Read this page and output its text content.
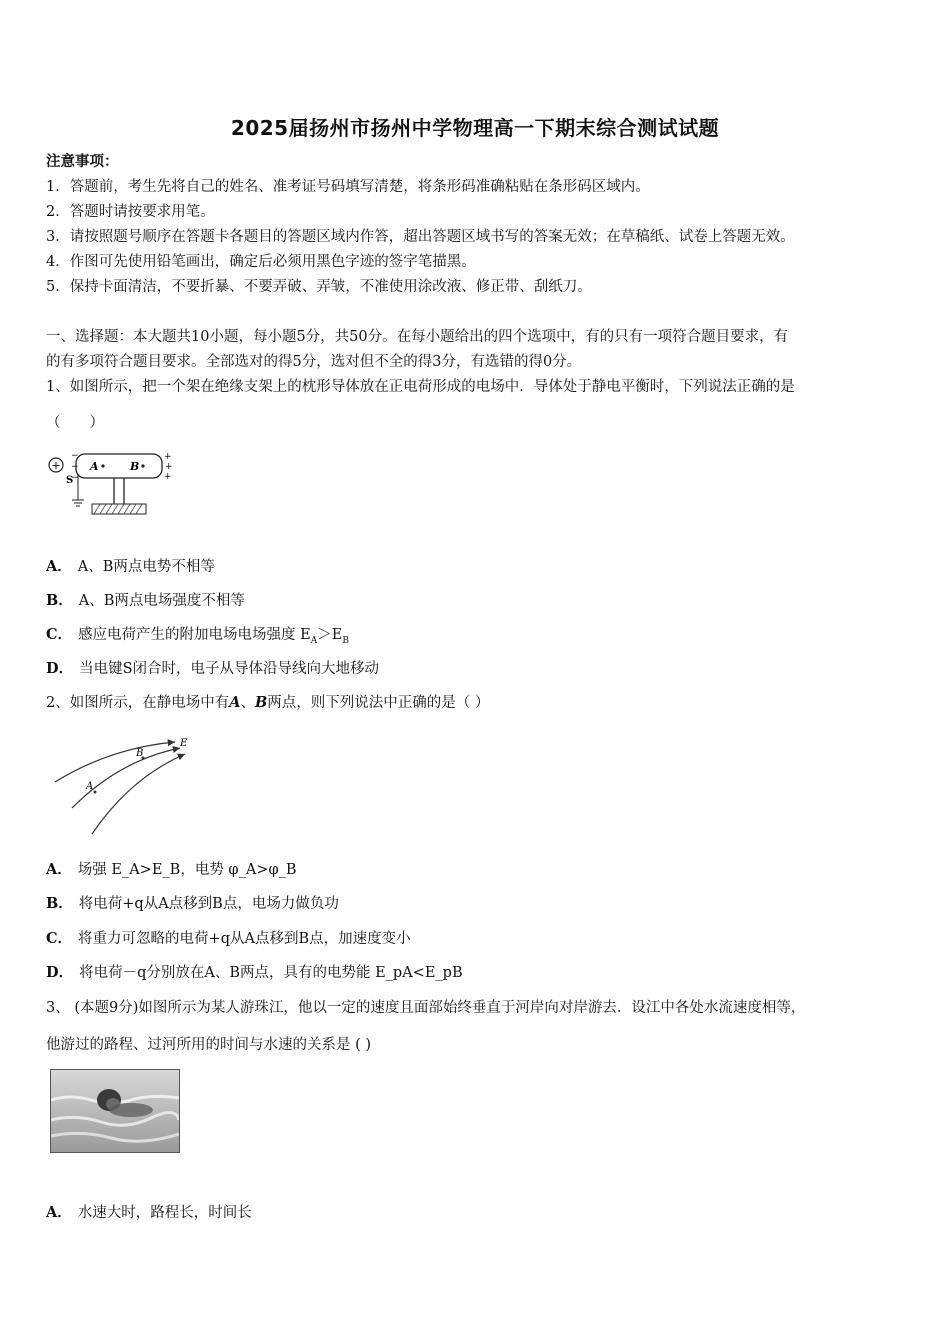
2025届扬州市扬州中学物理高一下期末综合测试试题
注意事项：
1．答题前，考生先将自己的姓名、准考证号码填写清楚，将条形码准确粘贴在条形码区域内。
2．答题时请按要求用笔。
3．请按照题号顺序在答题卡各题目的答题区域内作答，超出答题区域书写的答案无效；在草稿纸、试卷上答题无效。
4．作图可先使用铅笔画出，确定后必须用黑色字迹的签字笔描黑。
5．保持卡面清洁，不要折暴、不要弄破、弄皱，不准使用涂改液、修正带、刮纸刀。
一、选择题：本大题共10小题，每小题5分，共50分。在每小题给出的四个选项中，有的只有一项符合题目要求，有
的有多项符合题目要求。全部选对的得5分，选对但不全的得3分，有选错的得0分。
1、如图所示，把一个架在绝缘支架上的枕形导体放在正电荷形成的电场中．导体处于静电平衡时，下列说法正确的是
（　　）
+
−
−
−
+
+
+
A	B
S
A． A、B两点电势不相等
B． A、B两点电场强度不相等
C． 感应电荷产生的附加电场电场强度 $E_A>E_B$
D． 当电键S闭合时，电子从导体沿导线向大地移动
2、如图所示，在静电场中有A、B两点，则下列说法中正确的是（ ）
A
B
E
A． 场强 E_A>E_B，电势 φ_A>φ_B
B． 将电荷+q从A点移到B点，电场力做负功
C． 将重力可忽略的电荷+q从A点移到B点，加速度变小
D． 将电荷－q分别放在A、B两点，具有的电势能 E_pA<E_pB
3、 (本题9分)如图所示为某人游珠江，他以一定的速度且面部始终垂直于河岸向对岸游去．设江中各处水流速度相等，
他游过的路程、过河所用的时间与水速的关系是 ( )
A． 水速大时，路程长，时间长
